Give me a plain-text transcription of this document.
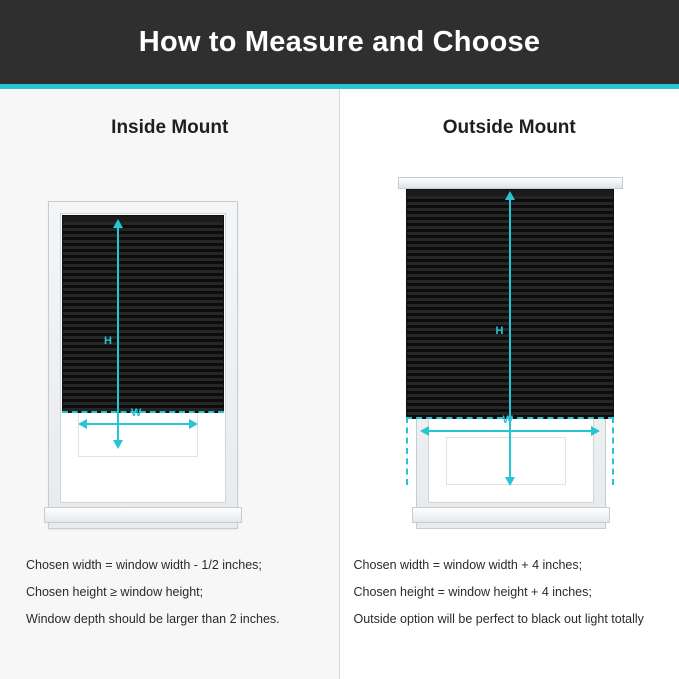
How to Measure and Choose
Inside Mount
H
W
Chosen width = window width - 1/2 inches;
Chosen height ≥ window height;
Window depth should be larger than 2 inches.
Outside Mount
H
W
Chosen width = window width + 4 inches;
Chosen height = window height + 4 inches;
Outside option will be perfect to black out light totally
